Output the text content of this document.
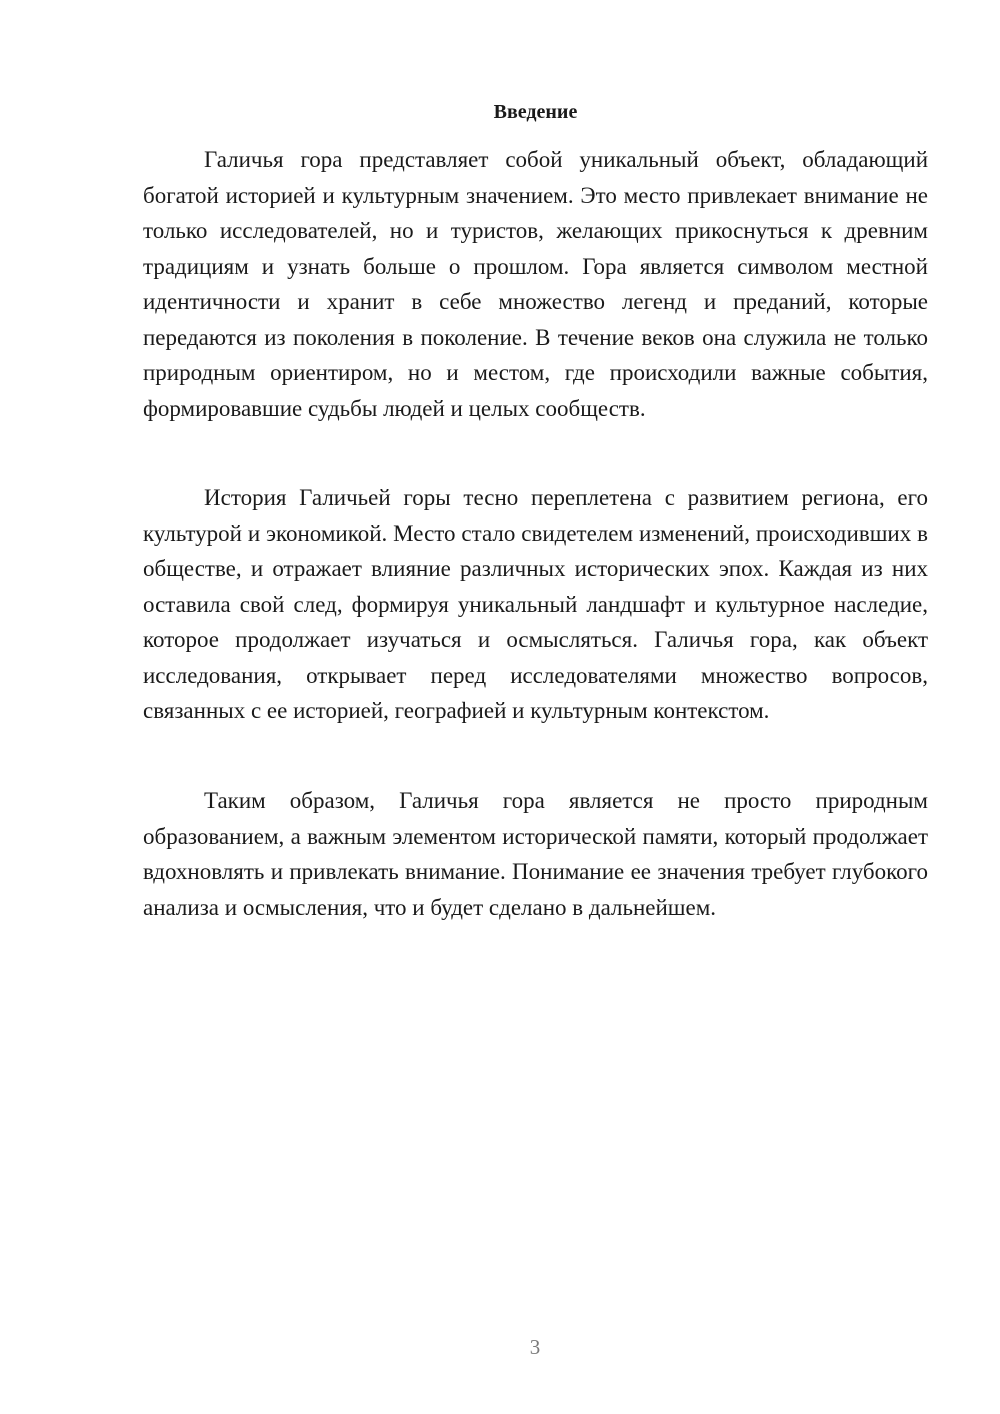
Введение

Галичья гора представляет собой уникальный объект, обладающий богатой историей и культурным значением. Это место привлекает внимание не только исследователей, но и туристов, желающих прикоснуться к древним традициям и узнать больше о прошлом. Гора является символом местной идентичности и хранит в себе множество легенд и преданий, которые передаются из поколения в поколение. В течение веков она служила не только природным ориентиром, но и местом, где происходили важные события, формировавшие судьбы людей и целых сообществ.

История Галичьей горы тесно переплетена с развитием региона, его культурой и экономикой. Место стало свидетелем изменений, происходивших в обществе, и отражает влияние различных исторических эпох. Каждая из них оставила свой след, формируя уникальный ландшафт и культурное наследие, которое продолжает изучаться и осмысляться. Галичья гора, как объект исследования, открывает перед исследователями множество вопросов, связанных с ее историей, географией и культурным контекстом.

Таким образом, Галичья гора является не просто природным образованием, а важным элементом исторической памяти, который продолжает вдохновлять и привлекать внимание. Понимание ее значения требует глубокого анализа и осмысления, что и будет сделано в дальнейшем.

3
